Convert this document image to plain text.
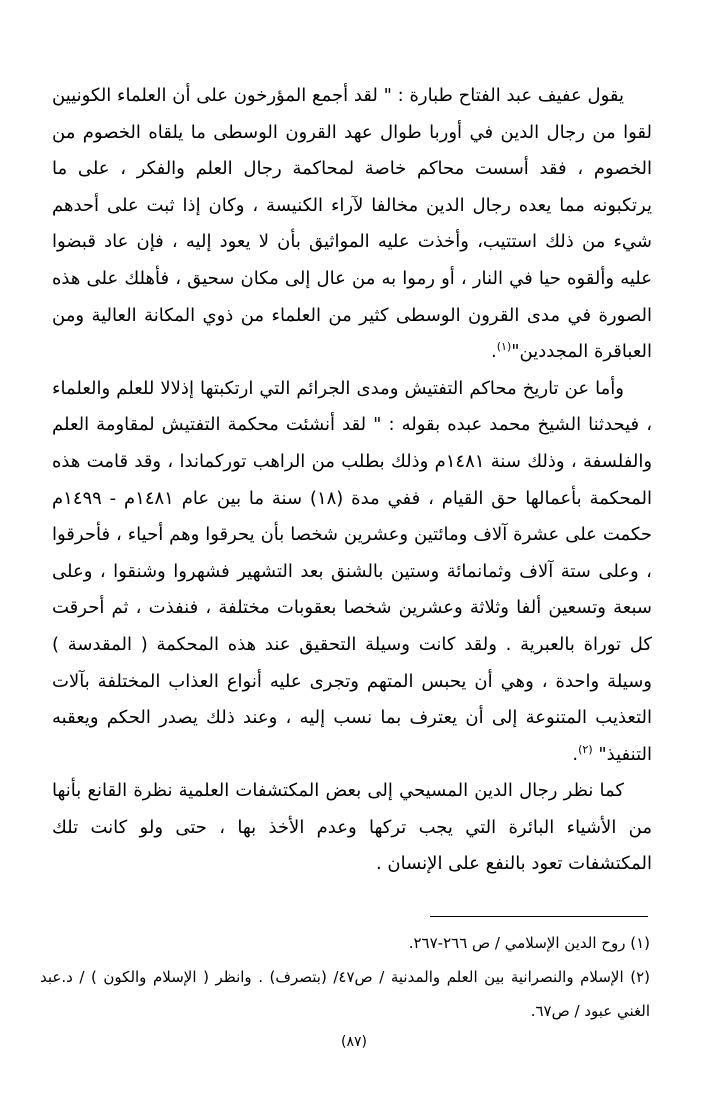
يقول عفيف عبد الفتاح طبارة : " لقد أجمع المؤرخون على أن العلماء الكونيين لقوا من رجال الدين في أوربا طوال عهد القرون الوسطى ما يلقاه الخصوم من الخصوم ، فقد أسست محاكم خاصة لمحاكمة رجال العلم والفكر ، على ما يرتكبونه مما يعده رجال الدين مخالفا لآراء الكنيسة ، وكان إذا ثبت على أحدهم شيء من ذلك استتيب، وأخذت عليه المواثيق بأن لا يعود إليه ، فإن عاد قبضوا عليه وألقوه حيا في النار ، أو رموا به من عال إلى مكان سحيق ، فأهلك على هذه الصورة في مدى القرون الوسطى كثير من العلماء من ذوي المكانة العالية ومن العباقرة المجددين"$^{(١)}$.

وأما عن تاريخ محاكم التفتيش ومدى الجرائم التي ارتكبتها إذلالا للعلم والعلماء ، فيحدثنا الشيخ محمد عبده بقوله : " لقد أنشئت محكمة التفتيش لمقاومة العلم والفلسفة ، وذلك سنة ١٤٨١م وذلك بطلب من الراهب توركماندا ، وقد قامت هذه المحكمة بأعمالها حق القيام ، ففي مدة (١٨) سنة ما بين عام ١٤٨١م - ١٤٩٩م حكمت على عشرة آلاف ومائتين وعشرين شخصا بأن يحرقوا وهم أحياء ، فأحرقوا ، وعلى ستة آلاف وثمانمائة وستين بالشنق بعد التشهير فشهروا وشنقوا ، وعلى سبعة وتسعين ألفا وثلاثة وعشرين شخصا بعقوبات مختلفة ، فنفذت ، ثم أحرقت كل توراة بالعبرية . ولقد كانت وسيلة التحقيق عند هذه المحكمة ( المقدسة ) وسيلة واحدة ، وهي أن يحبس المتهم وتجرى عليه أنواع العذاب المختلفة بآلات التعذيب المتنوعة إلى أن يعترف بما نسب إليه ، وعند ذلك يصدر الحكم ويعقبه التنفيذ" $^{(٢)}$.

كما نظر رجال الدين المسيحي إلى بعض المكتشفات العلمية نظرة القانع بأنها من الأشياء البائرة التي يجب تركها وعدم الأخذ بها ، حتى ولو كانت تلك المكتشفات تعود بالنفع على الإنسان .

(١) روح الدين الإسلامي / ص ٢٦٦-٢٦٧.

(٢) الإسلام والنصرانية بين العلم والمدنية / ص٤٧/ (بتصرف) . وانظر ( الإسلام والكون ) / د.عبد الغني عبود / ص٦٧.

(٨٧)
